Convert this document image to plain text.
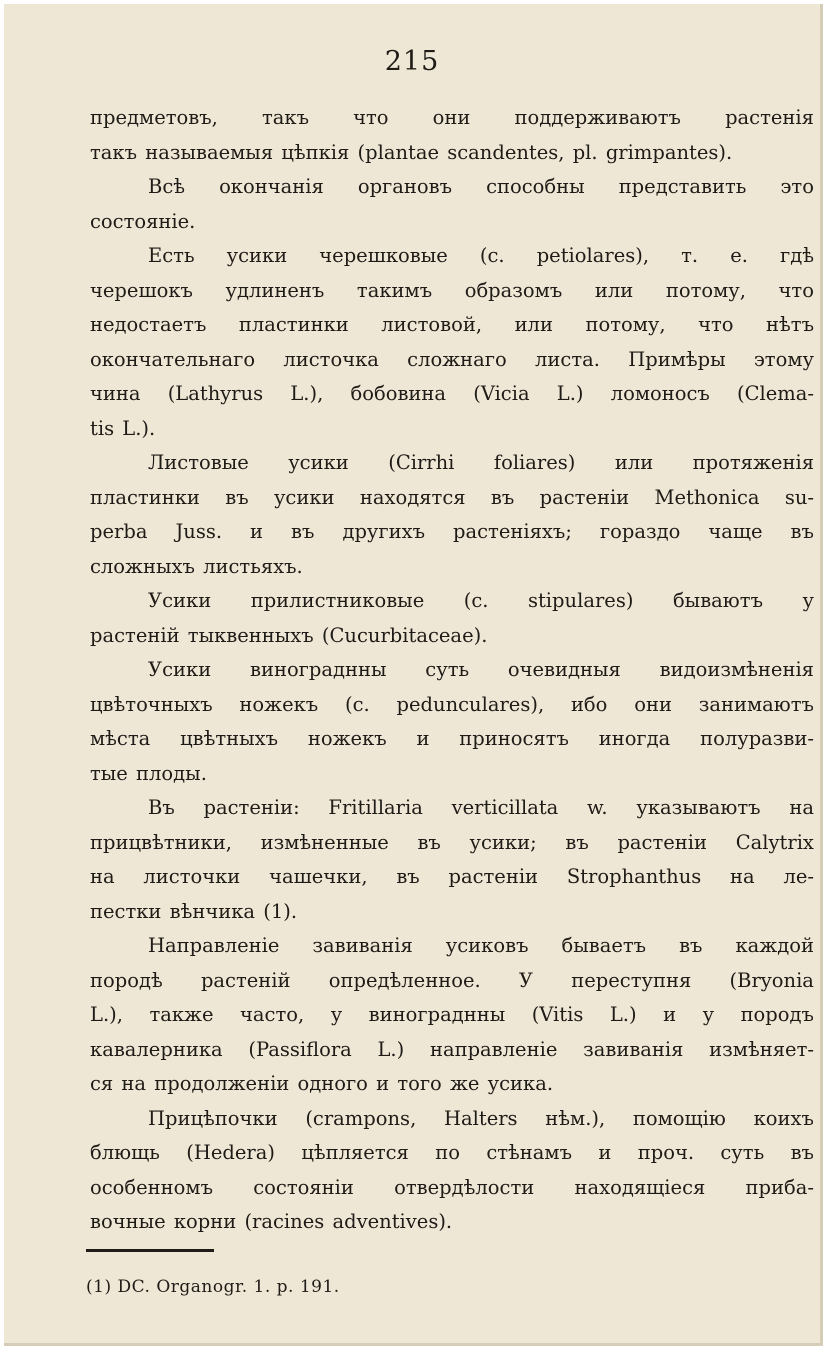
215
предметовъ, такъ что они поддерживаютъ растенія
такъ называемыя цѣпкія (plantae scandentes, pl. grimpantes).
Всѣ окончанія органовъ способны представить это
состояніе.
Есть усики черешковые (c. petiolares), т. е. гдѣ
черешокъ удлиненъ такимъ образомъ или потому, что
недостаетъ пластинки листовой, или потому, что нѣтъ
окончательнаго листочка сложнаго листа. Примѣры этому
чина (Lathyrus L.), бобовина (Vicia L.) ломоносъ (Clema-
tis L.).
Листовые усики (Cirrhi foliares) или протяженія
пластинки въ усики находятся въ растеніи Methonica su-
perba Juss. и въ другихъ растеніяхъ; гораздо чаще въ
сложныхъ листьяхъ.
Усики прилистниковые (c. stipulares) бываютъ у
растеній тыквенныхъ (Cucurbitaceae).
Усики винограднны суть очевидныя видоизмѣненія
цвѣточныхъ ножекъ (c. pedunculares), ибо они занимаютъ
мѣста цвѣтныхъ ножекъ и приносятъ иногда полуразви-
тые плоды.
Въ растеніи: Fritillaria verticillata w. указываютъ на
прицвѣтники, измѣненные въ усики; въ растеніи Calytrix
на листочки чашечки, въ растеніи Strophanthus на ле-
пестки вѣнчика (1).
Направленіе завиванія усиковъ бываетъ въ каждой
породѣ растеній опредѣленное. У переступня (Bryonia
L.), также часто, у винограднны (Vitis L.) и у породъ
кавалерника (Passiflora L.) направленіе завиванія измѣняет-
ся на продолженіи одного и того же усика.
Прицѣпочки (crampons, Halters нѣм.), помощію коихъ
блющь (Hedera) цѣпляется по стѣнамъ и проч. суть въ
особенномъ состояніи отвердѣлости находящіеся приба-
вочные корни (racines adventives).
(1) DC. Organogr. 1. p. 191.
